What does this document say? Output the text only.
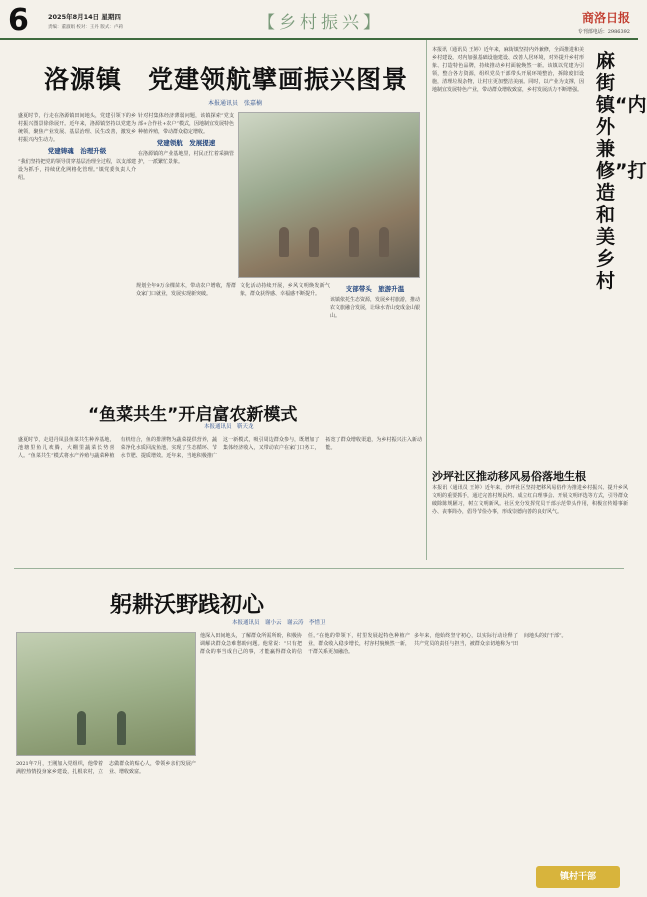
6	2025年8月14日 星期四
责编：董淑娟 校对：王丹 版式：卢莉	【乡村振兴】	商洛日报
专刊部电话：2986392
洛源镇　党建领航擘画振兴图景
本报通讯员　张嘉楠
盛夏时节，行走在洛源镇田间地头，党建引领下的乡村振兴图景徐徐展开。近年来，洛源镇坚持以党建为统领，聚焦产业发展、基层治理、民生改善，激发乡村振兴内生动力。
党建铸魂　治理升级
“我们坚持把党的领导贯穿基层治理全过程，以支部建设为抓手，持续优化网格化管理。”镇党委负责人介绍。
针对村集体经济薄弱问题，该镇探索“党支部+合作社+农户”模式，因地制宜发展特色种植养殖，带动群众稳定增收。
党建领航　发展提速
在洛源镇的产业基地里，村民正忙着采摘管护，一派繁忙景象。
规划全年9万余棵苗木，带动农户增收，帮群众家门口就业，发展实现新突破。
文化活动持续开展，乡风文明焕发新气象，群众获得感、幸福感不断提升。
支部带头　旅游升温
该镇依托生态资源，发展乡村旅游，推动农文旅融合发展，让绿水青山变成金山银山。
本报讯（通讯员 王婷）近年来，麻街镇坚持内外兼修，全面推进和美乡村建设。对内加强基础设施建设、改善人居环境，对外提升乡村形象、打造特色品牌，持续推动乡村面貌焕然一新。该镇以党建为引领，整合各方资源，组织党员干部带头开展环境整治，拆除废旧设施，清理垃圾杂物，让村庄更加整洁美丽。同时，以产业为支撑，因地制宜发展特色产业，带动群众增收致富，乡村发展活力不断增强。
麻街镇“内外兼修”打造和美乡村
沙坪社区推动移风易俗落地生根
本报讯（通讯员 王婷）近年来，沙坪社区坚持把移风易俗作为推进乡村振兴、提升乡风文明的重要抓手，通过完善村规民约、成立红白理事会、开展文明评选等方式，引导群众破除陈规陋习，树立文明新风。社区充分发挥党员干部示范带头作用，积极宣传婚事新办、丧事简办，倡导节俭办事，形成崇德向善的良好风气。
“鱼菜共生”开启富农新模式
本报通讯员　靳天龙
盛夏时节，走进丹凤县鱼菜共生种养基地，池塘里鱼儿欢腾，大棚里蔬菜长势喜人。“鱼菜共生”模式将水产养殖与蔬菜种植有机结合，鱼的排泄物为蔬菜提供营养，蔬菜净化水质回流鱼池，实现了生态循环、节水节肥、提质增效。近年来，当地积极推广这一新模式，吸引周边群众参与，既增加了集体经济收入，又带动农户在家门口务工，拓宽了群众增收渠道，为乡村振兴注入新动能。
躬耕沃野践初心
本报通讯员　谢小云　谢云涛　李惜卫
2021年7月，王刚加入党组织，他带着满腔热情投身家乡建设，扎根农村，立志做群众的贴心人，带领乡亲们发展产业、增收致富。
他深入田间地头，了解群众所需所盼，积极协调解决群众急难愁盼问题。他常说：“只有把群众的事当成自己的事，才能赢得群众的信任。”在他的带领下，村里发展起特色种植产业，群众收入稳步增长，村容村貌焕然一新，干群关系更加融洽。
多年来，他始终坚守初心，以实际行动诠释了共产党员的责任与担当，被群众亲切地称为“田间地头的好干部”。
镇村干部
